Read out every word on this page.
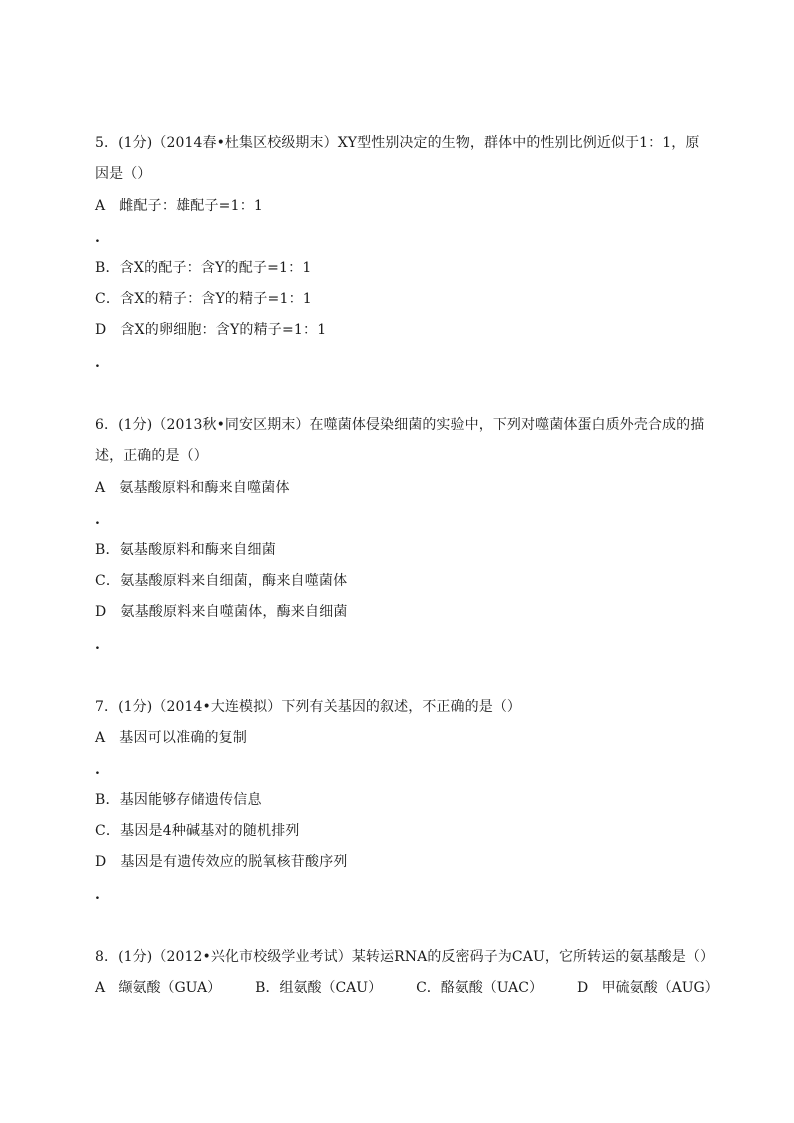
5．(1分)（2014春•杜集区校级期末）XY型性别决定的生物，群体中的性别比例近似于1：1，原
因是（）
A 雌配子：雄配子=1：1
.
B．含X的配子：含Y的配子=1：1
C．含X的精子：含Y的精子=1：1
D 含X的卵细胞：含Y的精子=1：1
.
6．(1分)（2013秋•同安区期末）在噬菌体侵染细菌的实验中，下列对噬菌体蛋白质外壳合成的描
述，正确的是（）
A 氨基酸原料和酶来自噬菌体
.
B．氨基酸原料和酶来自细菌
C．氨基酸原料来自细菌，酶来自噬菌体
D 氨基酸原料来自噬菌体，酶来自细菌
.
7．(1分)（2014•大连模拟）下列有关基因的叙述，不正确的是（）
A 基因可以准确的复制
.
B．基因能够存储遗传信息
C．基因是4种碱基对的随机排列
D 基因是有遗传效应的脱氧核苷酸序列
.
8．(1分)（2012•兴化市校级学业考试）某转运RNA的反密码子为CAU，它所转运的氨基酸是（）
A 缬氨酸（GUA） B．组氨酸（CAU） C．酪氨酸（UAC） D 甲硫氨酸（AUG）
